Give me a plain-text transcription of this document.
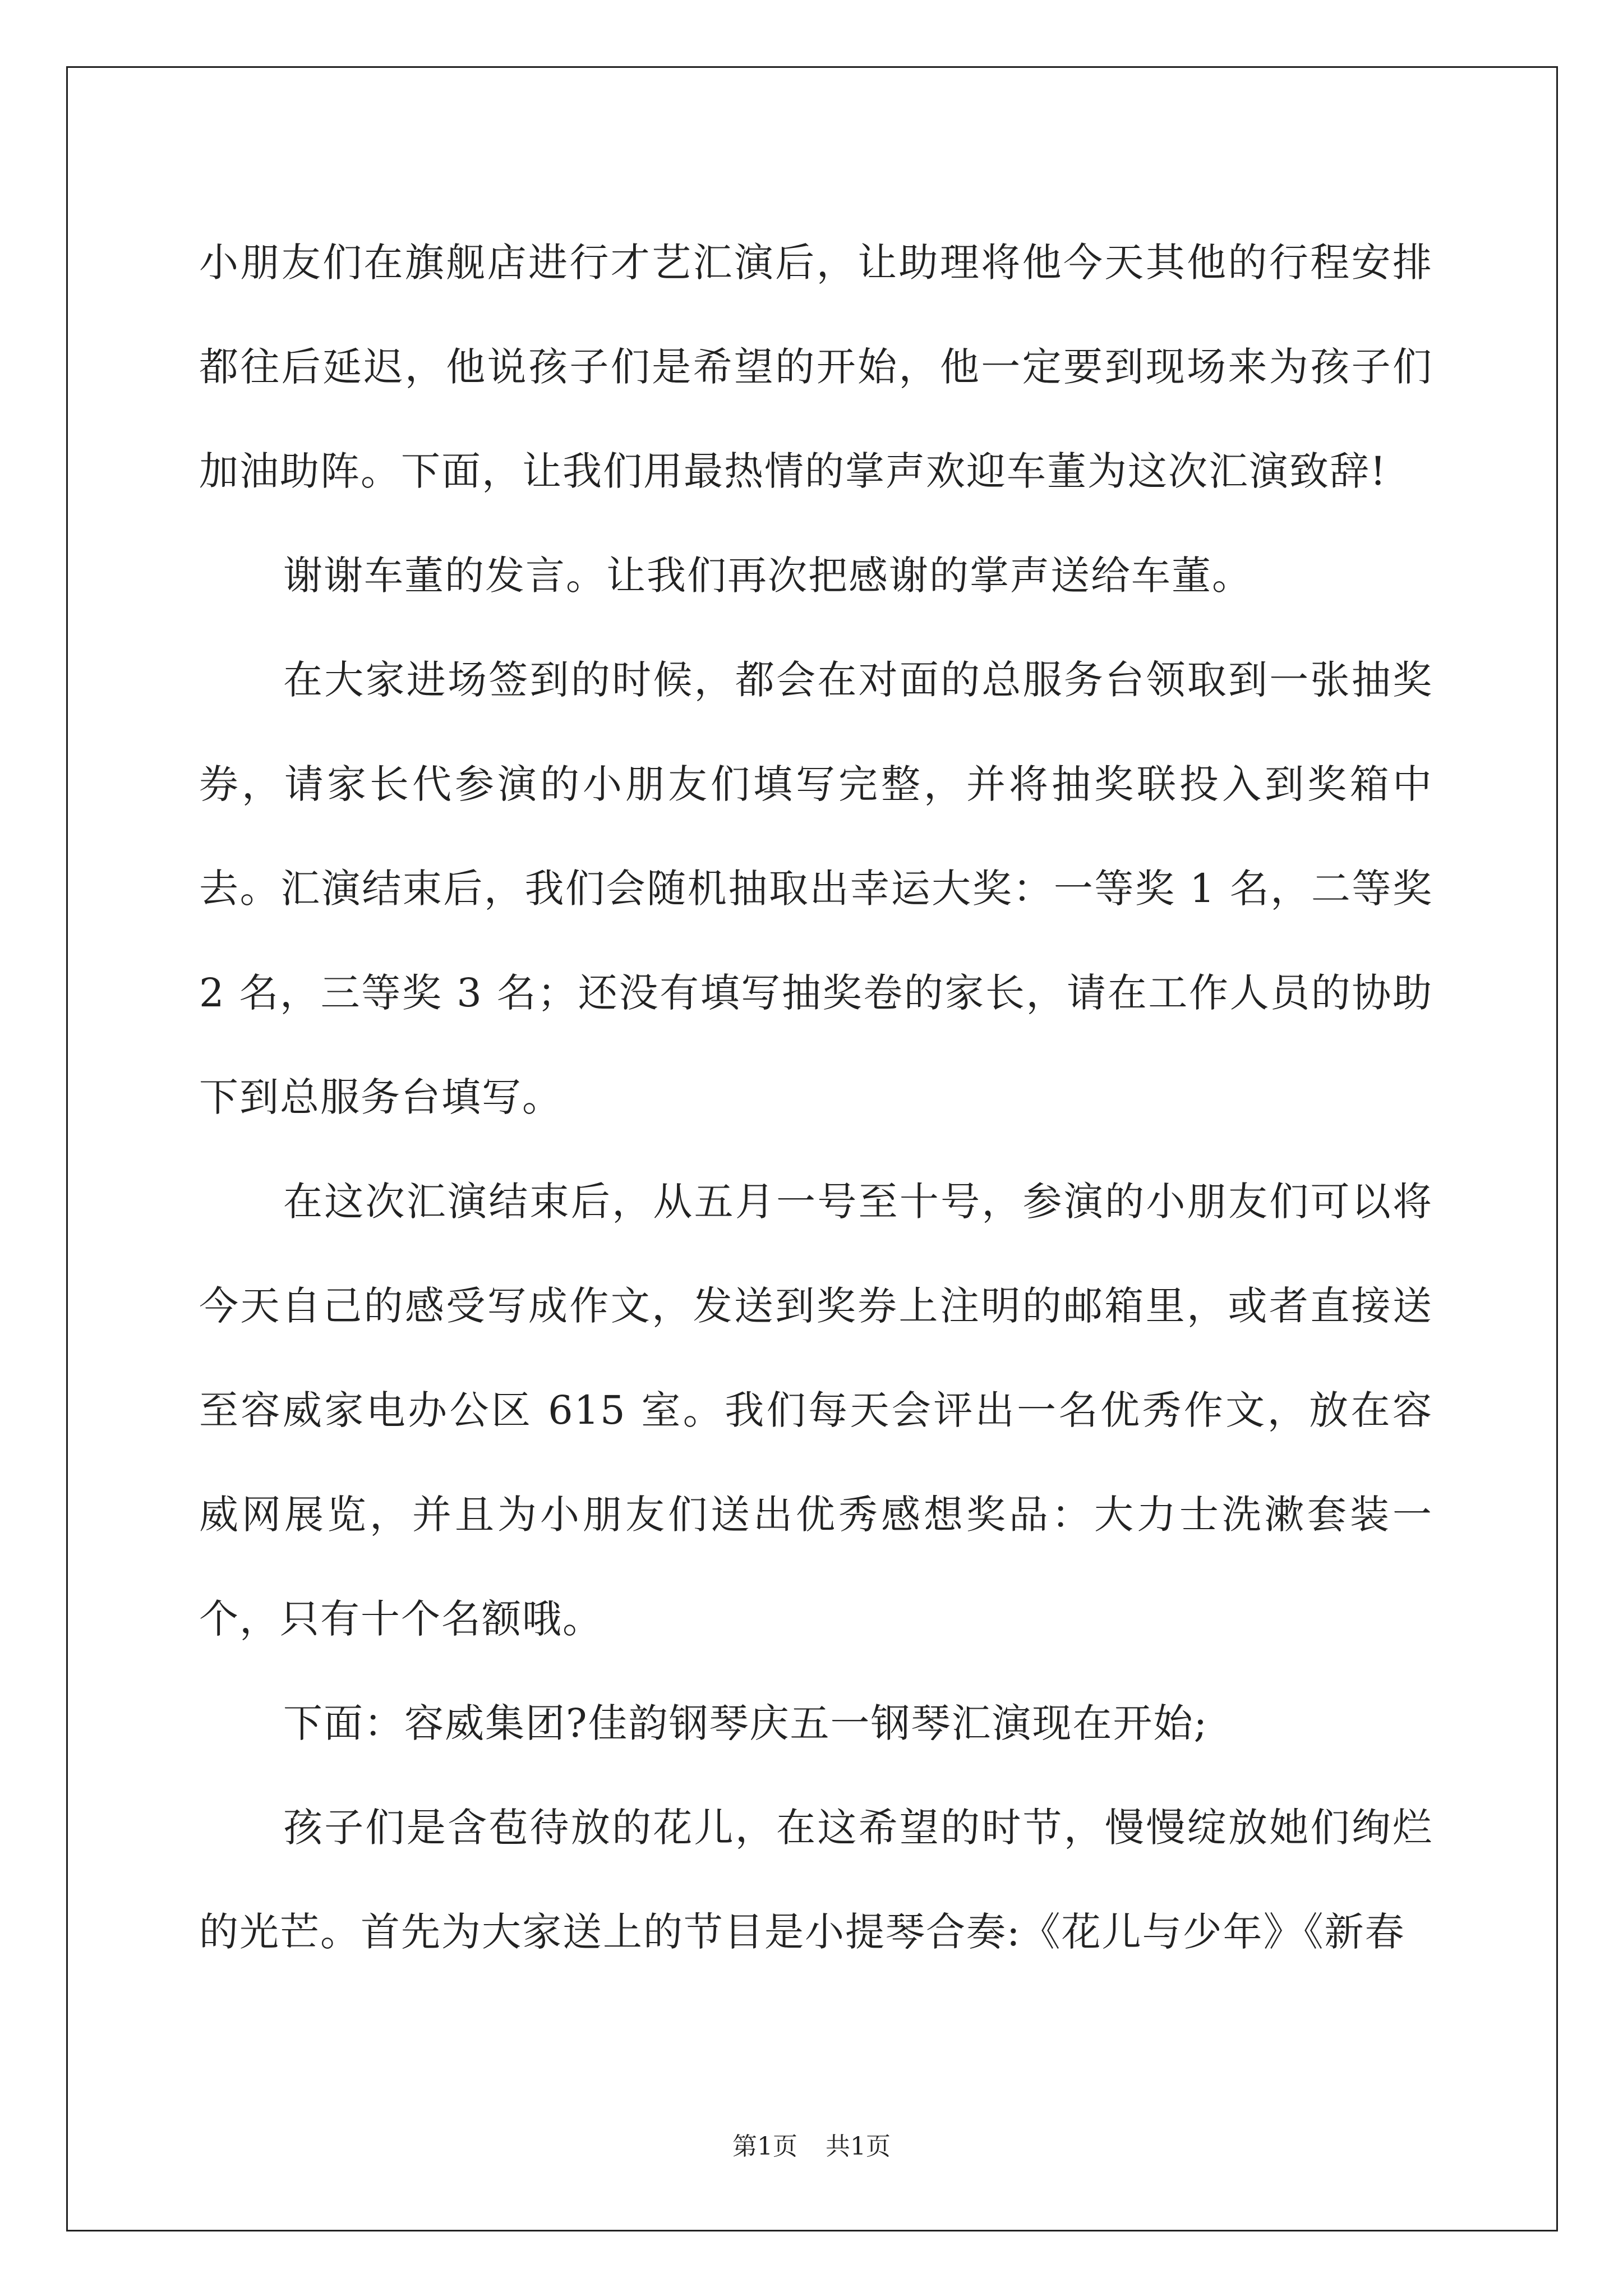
小朋友们在旗舰店进行才艺汇演后，让助理将他今天其他的行程安排都往后延迟，他说孩子们是希望的开始，他一定要到现场来为孩子们加油助阵。下面，让我们用最热情的掌声欢迎车董为这次汇演致辞!

谢谢车董的发言。让我们再次把感谢的掌声送给车董。

在大家进场签到的时候，都会在对面的总服务台领取到一张抽奖券，请家长代参演的小朋友们填写完整，并将抽奖联投入到奖箱中去。汇演结束后，我们会随机抽取出幸运大奖：一等奖 1 名，二等奖 2 名，三等奖 3 名；还没有填写抽奖卷的家长，请在工作人员的协助下到总服务台填写。

在这次汇演结束后，从五月一号至十号，参演的小朋友们可以将今天自己的感受写成作文，发送到奖券上注明的邮箱里，或者直接送至容威家电办公区 615 室。我们每天会评出一名优秀作文，放在容威网展览，并且为小朋友们送出优秀感想奖品：大力士洗漱套装一个，只有十个名额哦。

下面：容威集团?佳韵钢琴庆五一钢琴汇演现在开始;

孩子们是含苞待放的花儿，在这希望的时节，慢慢绽放她们绚烂的光芒。首先为大家送上的节目是小提琴合奏:《花儿与少年》《新春

第1页 共1页
